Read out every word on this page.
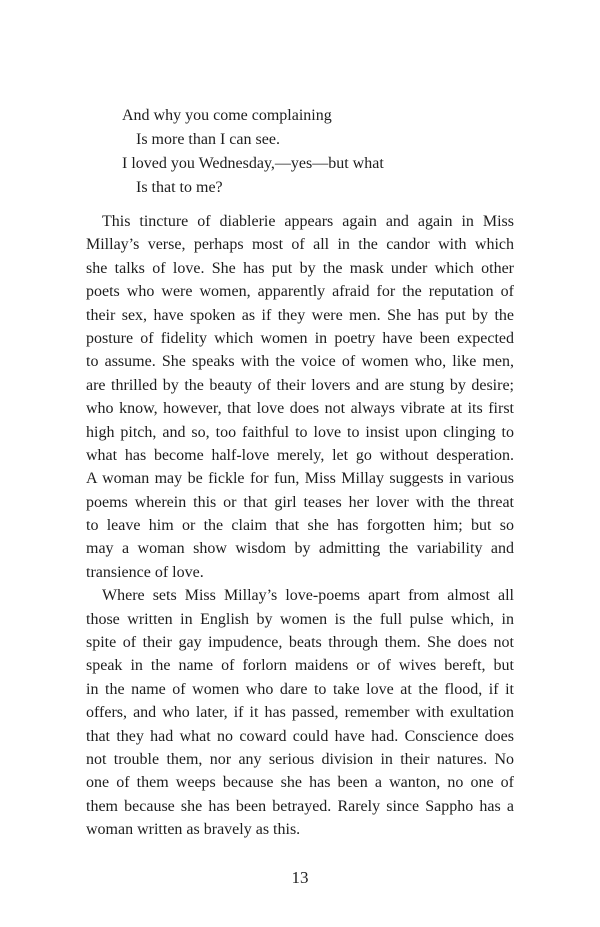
And why you come complaining
Is more than I can see.
I loved you Wednesday,—yes—but what
Is that to me?
This tincture of diablerie appears again and again in Miss
Millay’s verse, perhaps most of all in the candor with which
she talks of love. She has put by the mask under which other
poets who were women, apparently afraid for the reputation of
their sex, have spoken as if they were men. She has put by the
posture of fidelity which women in poetry have been expected
to assume. She speaks with the voice of women who, like men,
are thrilled by the beauty of their lovers and are stung by desire;
who know, however, that love does not always vibrate at its first
high pitch, and so, too faithful to love to insist upon clinging to
what has become half-love merely, let go without desperation.
A woman may be fickle for fun, Miss Millay suggests in various
poems wherein this or that girl teases her lover with the threat
to leave him or the claim that she has forgotten him; but so
may a woman show wisdom by admitting the variability and
transience of love.
Where sets Miss Millay’s love-poems apart from almost all
those written in English by women is the full pulse which, in
spite of their gay impudence, beats through them. She does not
speak in the name of forlorn maidens or of wives bereft, but
in the name of women who dare to take love at the flood, if it
offers, and who later, if it has passed, remember with exultation
that they had what no coward could have had. Conscience does
not trouble them, nor any serious division in their natures. No
one of them weeps because she has been a wanton, no one of
them because she has been betrayed. Rarely since Sappho has a
woman written as bravely as this.
13
